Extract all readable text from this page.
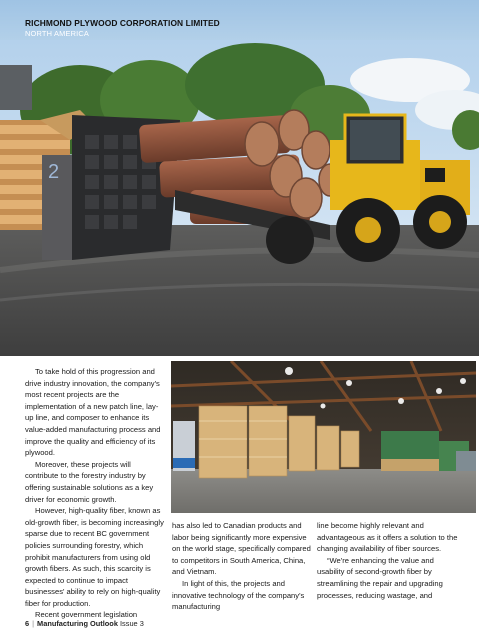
RICHMOND PLYWOOD CORPORATION LIMITED
NORTH AMERICA
2

To take hold of this progression and drive industry innovation, the company's most recent projects are the implementation of a new patch line, lay-up line, and composer to enhance its value-added manufacturing process and improve the quality and efficiency of its plywood.

Moreover, these projects will contribute to the forestry industry by offering sustainable solutions as a key driver for economic growth.

However, high-quality fiber, known as old-growth fiber, is becoming increasingly sparse due to recent BC government policies surrounding forestry, which prohibit manufacturers from using old growth fibers. As such, this scarcity is expected to continue to impact businesses' ability to rely on high-quality fiber for production.

Recent government legislation

has also led to Canadian products and labor being significantly more expensive on the world stage, specifically compared to competitors in South America, China, and Vietnam.

In light of this, the projects and innovative technology of the company's manufacturing

line become highly relevant and advantageous as it offers a solution to the changing availability of fiber sources.

“We're enhancing the value and usability of second-growth fiber by streamlining the repair and upgrading processes, reducing wastage, and

6 | Manufacturing Outlook Issue 3
